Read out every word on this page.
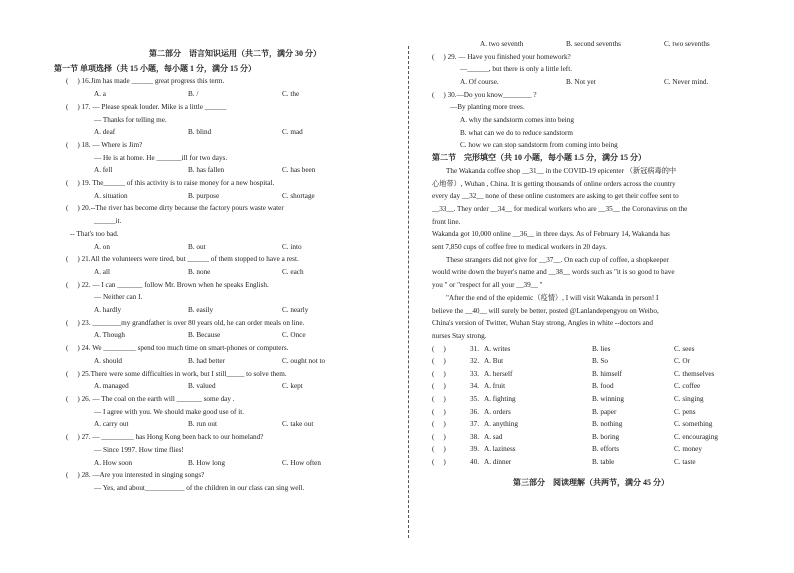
第二部分　语言知识运用（共二节，满分 30 分）
第一节 单项选择（共 15 小题，每小题 1 分，满分 15 分）
(　 ) 16.Jim has made ______ great progress this term.
A. a	B. /	C. the
(　 ) 17. — Please speak louder. Mike is a little ______
— Thanks for telling me.
A. deaf	B. blind	C. mad
(　 ) 18. — Where is Jim?
— He is at home. He _______ill for two days.
A. fell	B. has fallen	C. has been
(　 ) 19. The______ of this activity is to raise money for a new hospital.
A. situation	B. purpose	C. shortage
(　 ) 20.--The river has become dirty because the factory pours waste water
______it.
-- That's too bad.
A. on	B. out	C. into
(　 ) 21.All the volunteers were tired, but ______ of them stopped to have a rest.
A. all	B. none	C. each
(　 ) 22. — I can _______ follow Mr. Brown when he speaks English.
— Neither can I.
A. hardly	B. easily	C. nearly
(　 ) 23. ________my grandfather is over 80 years old, he can order meals on line.
A. Though	B. Because	C. Once
(　 ) 24. We _________ spend too much time on smart-phones or computers.
A. should	B. had better	C. ought not to
(　 ) 25.There were some difficulties in work, but I still_____ to solve them.
A. managed	B. valued	C. kept
(　 ) 26. — The coal on the earth will _______ some day .
— I agree with you. We should make good use of it.
A. carry out	B. run out	C. take out
(　 ) 27. — _________ has Hong Kong been back to our homeland?
— Since 1997. How time flies!
A. How soon	B. How long	C. How often
(　 ) 28. —Are you interested in singing songs?
— Yes, and about___________ of the children in our class can sing well.
A. two seventh	B. second sevenths	C. two sevenths
(　 ) 29. — Have you finished your homework?
—______, but there is only a little left.
A. Of course.	B. Not yet	C. Never mind.
(　 ) 30.—Do you know________ ?
—By planting more trees.
A. why the sandstorm comes into being
B. what can we do to reduce sandstorm
C. how we can stop sandstorm from coming into being
第二节　完形填空（共 10 小题，每小题 1.5 分，满分 15 分）
The Wakanda coffee shop __31__ in the COVID-19 epicenter （新冠病毒的中
心地带）, Wuhan , China. It is getting thousands of online orders across the country
every day __32__ none of these online customers are asking to get their coffee sent to
__33__. They order __34__ for medical workers who are __35__ the Coronavirus on the
front line.
Wakanda got 10,000 online __36__ in three days. As of February 14, Wakanda has
sent 7,850 cups of coffee free to medical workers in 20 days.
These strangers did not give for __37__. On each cup of coffee, a shopkeeper
would write down the buyer's name and __38__ words such as "it is so good to have
you " or "respect for all your __39__ "
"After the end of the epidemic（疫情）, I will visit Wakanda in person! I
believe the __40__ will surely be better, posted @Lanlandepengyou on Weibo,
China's version of Twitter, Wuhan Stay strong, Angles in white --doctors and
nurses Stay strong.
(　 )	31. A. writes	B. lies	C. sees
(　 )	32. A. But	B. So	C. Or
(　 )	33. A. herself	B. himself	C. themselves
(　 )	34. A. fruit	B. food	C. coffee
(　 )	35. A. fighting	B. winning	C. singing
(　 )	36. A. orders	B. paper	C. pens
(　 )	37. A. anything	B. nothing	C. something
(　 )	38. A. sad	B. boring	C. encouraging
(　 )	39. A. laziness	B. efforts	C. money
(　 )	40. A. dinner	B. table	C. taste
第三部分　阅读理解（共两节，满分 45 分）
